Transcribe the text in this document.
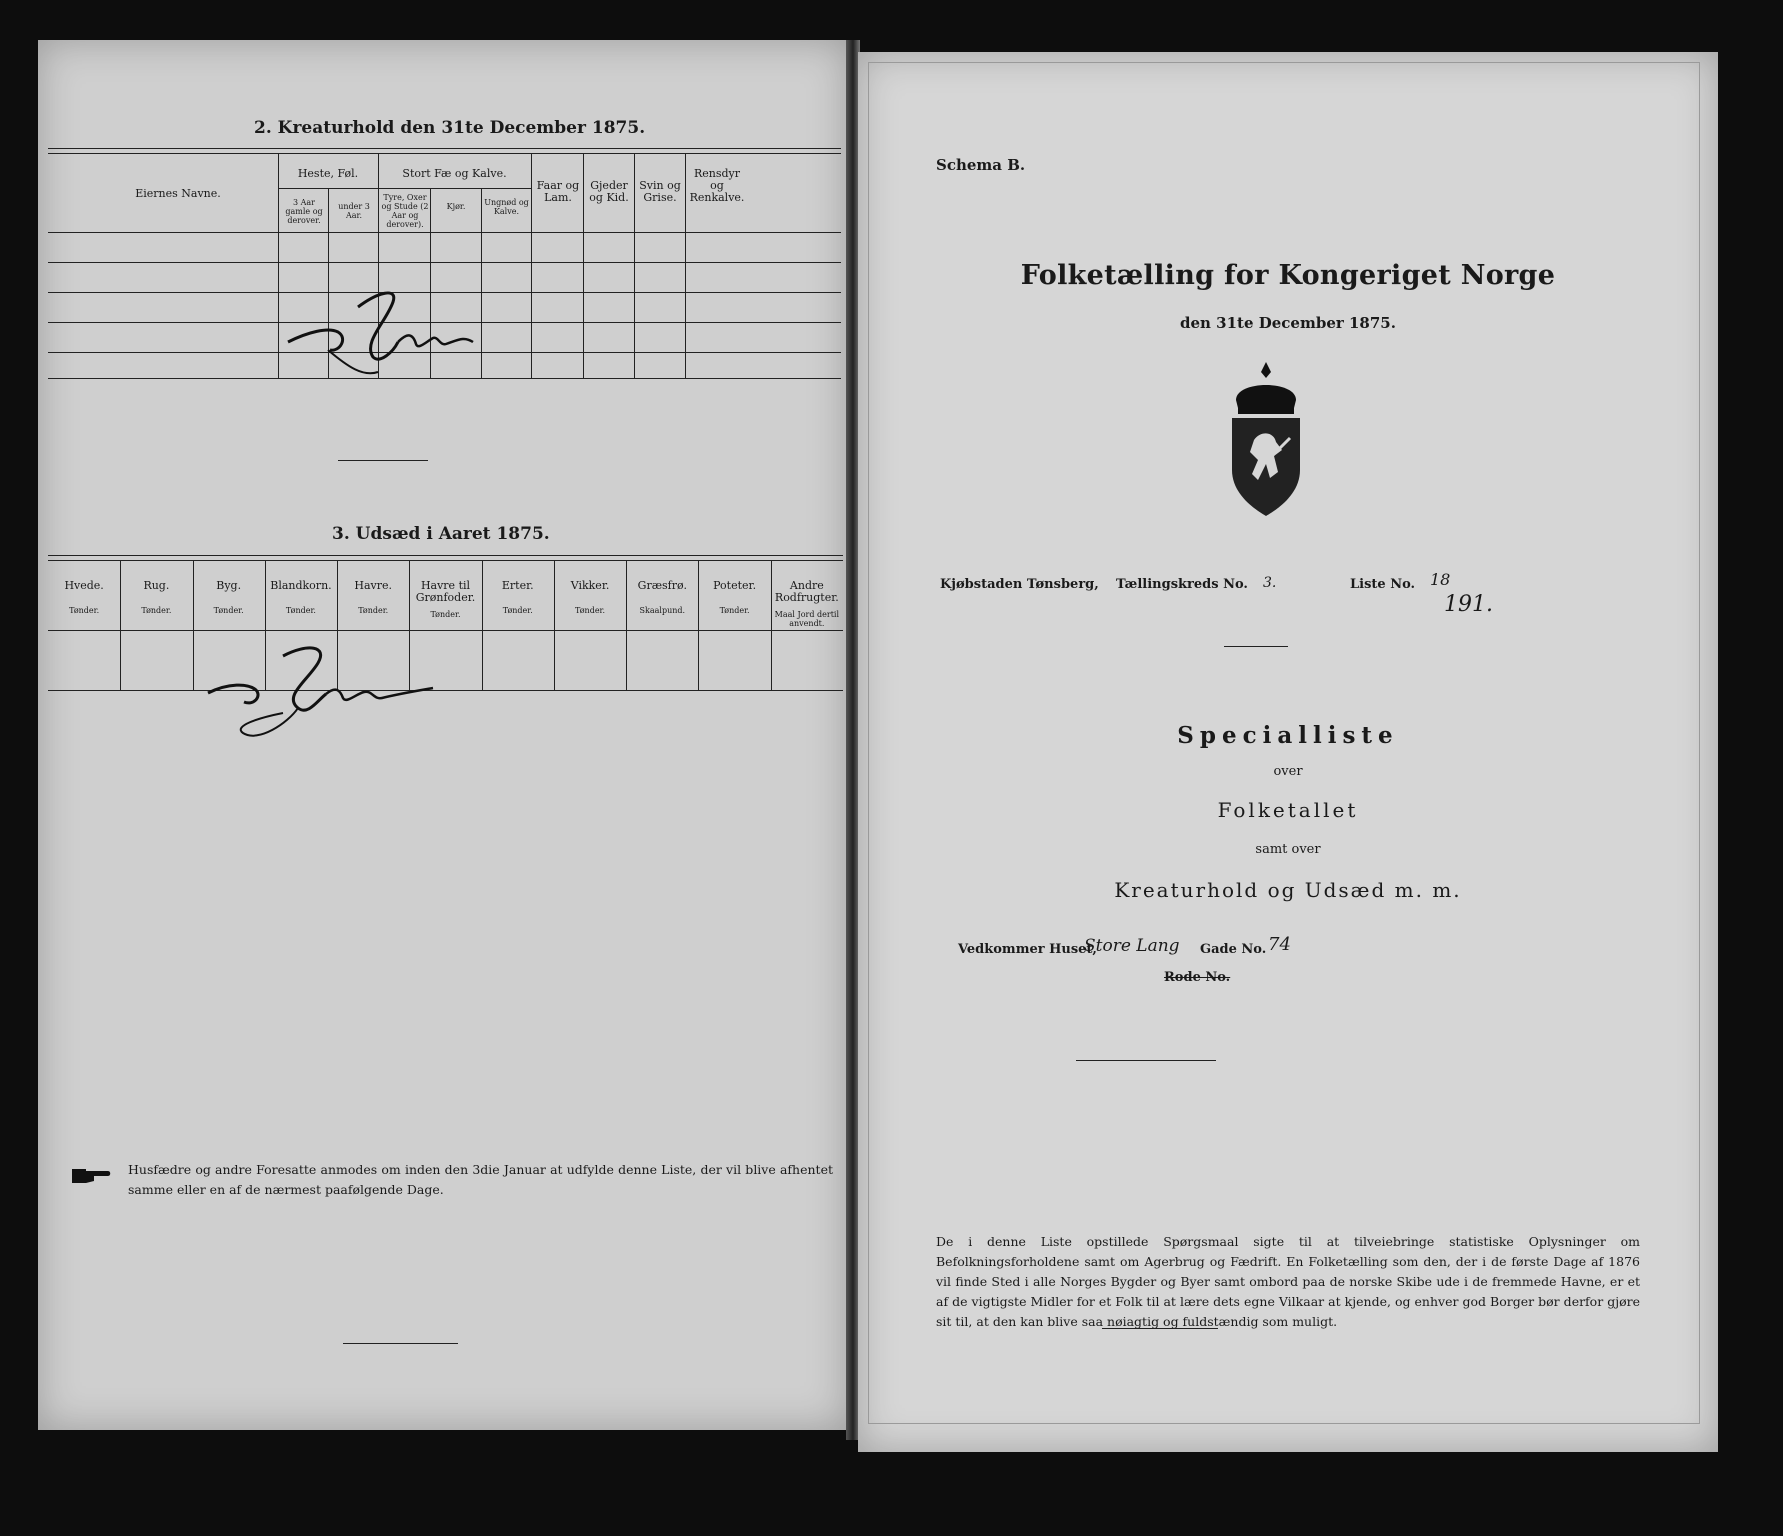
2. Kreaturhold den 31te December 1875.
Eiernes Navne.
Heste, Føl.
3 Aar gamle og derover.
under 3 Aar.
Stort Fæ og Kalve.
Tyre, Oxer og Stude (2 Aar og derover).
Kjør.	Ungnød og Kalve.
Faar og Lam.
Gjeder og Kid.
Svin og Grise.
Rensdyr og Renkalve.
3. Udsæd i Aaret 1875.
Hvede.
Tønder.
Rug.
Tønder.
Byg.
Tønder.
Blandkorn.
Tønder.
Havre.
Tønder.
Havre til Grønfoder.
Tønder.
Erter.
Tønder.
Vikker.
Tønder.
Græsfrø.
Skaalpund.
Poteter.
Tønder.
Andre Rodfrugter.
Maal Jord dertil anvendt.
Husfædre og andre Foresatte anmodes om inden den 3die Januar at udfylde denne Liste, der vil blive afhentet samme eller en af de nærmest paafølgende Dage.
Schema B.
Folketælling for Kongeriget Norge
den 31te December 1875.
Kjøbstaden Tønsberg, Tællingskreds No. 3.	Liste No. 18
191.
Specialliste
over
Folketallet
samt over
Kreaturhold og Udsæd m. m.
Vedkommer Huset,
Store Lang Gade No. 74
Rode No.
De i denne Liste opstillede Spørgsmaal sigte til at tilveiebringe statistiske Oplysninger om Befolkningsforholdene samt om Agerbrug og Fædrift. En Folketælling som den, der i de første Dage af 1876 vil finde Sted i alle Norges Bygder og Byer samt ombord paa de norske Skibe ude i de fremmede Havne, er et af de vigtigste Midler for et Folk til at lære dets egne Vilkaar at kjende, og enhver god Borger bør derfor gjøre sit til, at den kan blive saa nøiagtig og fuldstændig som muligt.
